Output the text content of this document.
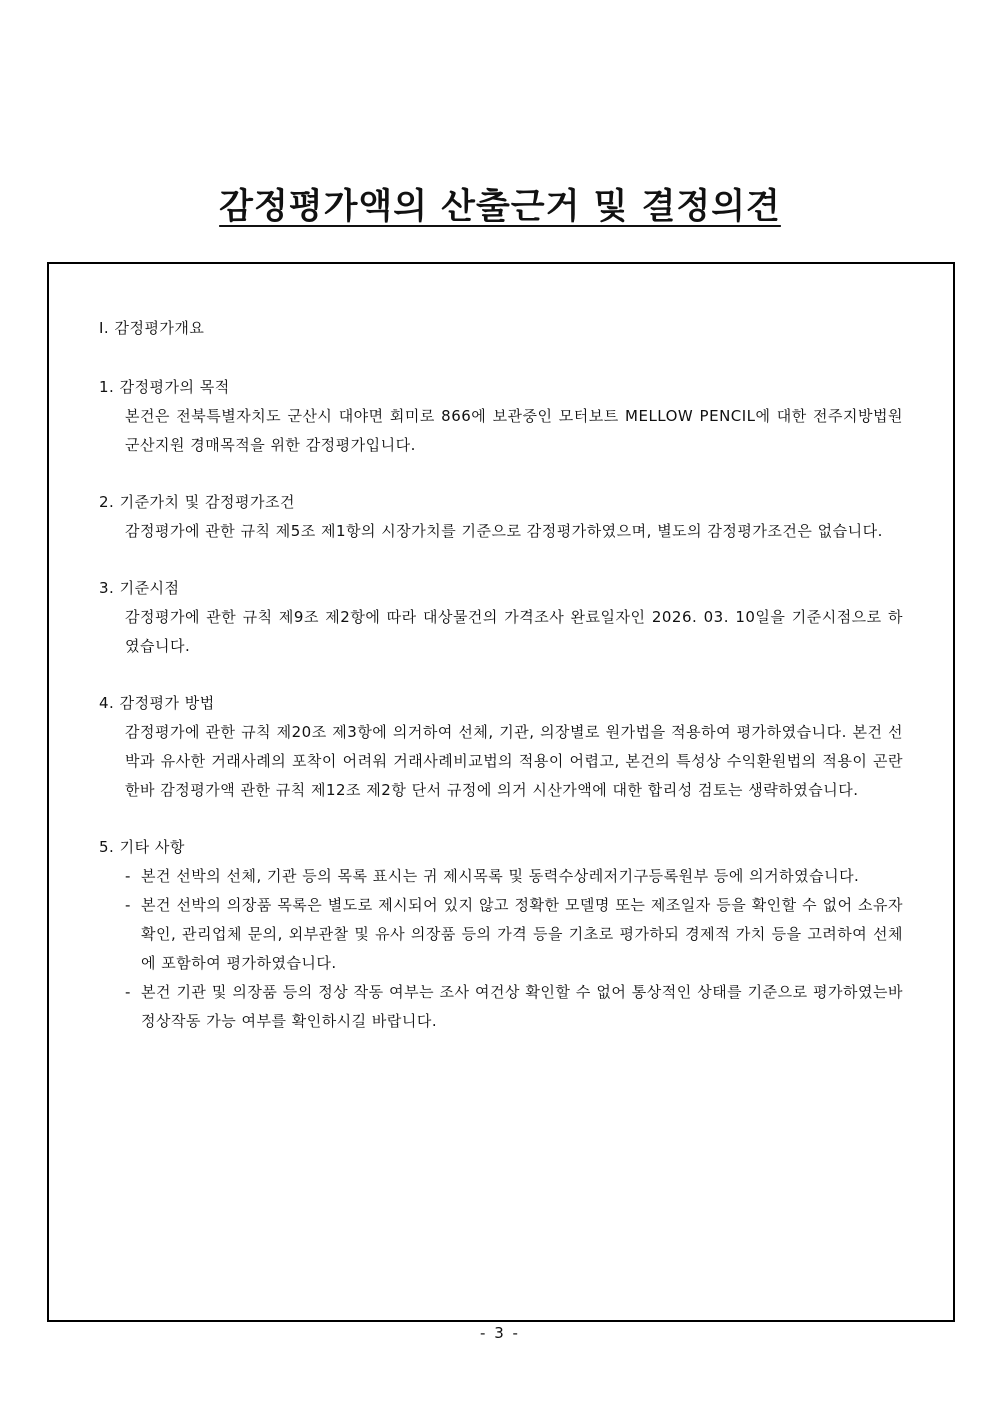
감정평가액의 산출근거 및 결정의견
Ⅰ. 감정평가개요
1. 감정평가의 목적
본건은 전북특별자치도 군산시 대야면 회미로 866에 보관중인 모터보트 MELLOW PENCIL에 대한 전주지방법원 군산지원 경매목적을 위한 감정평가입니다.
2. 기준가치 및 감정평가조건
감정평가에 관한 규칙 제5조 제1항의 시장가치를 기준으로 감정평가하였으며, 별도의 감정평가조건은 없습니다.
3. 기준시점
감정평가에 관한 규칙 제9조 제2항에 따라 대상물건의 가격조사 완료일자인 2026. 03. 10일을 기준시점으로 하였습니다.
4. 감정평가 방법
감정평가에 관한 규칙 제20조 제3항에 의거하여 선체, 기관, 의장별로 원가법을 적용하여 평가하였습니다. 본건 선박과 유사한 거래사례의 포착이 어려워 거래사례비교법의 적용이 어렵고, 본건의 특성상 수익환원법의 적용이 곤란한바 감정평가액 관한 규칙 제12조 제2항 단서 규정에 의거 시산가액에 대한 합리성 검토는 생략하였습니다.
5. 기타 사항
- 본건 선박의 선체, 기관 등의 목록 표시는 귀 제시목록 및 동력수상레저기구등록원부 등에 의거하였습니다.
- 본건 선박의 의장품 목록은 별도로 제시되어 있지 않고 정확한 모델명 또는 제조일자 등을 확인할 수 없어 소유자 확인, 관리업체 문의, 외부관찰 및 유사 의장품 등의 가격 등을 기초로 평가하되 경제적 가치 등을 고려하여 선체에 포함하여 평가하였습니다.
- 본건 기관 및 의장품 등의 정상 작동 여부는 조사 여건상 확인할 수 없어 통상적인 상태를 기준으로 평가하였는바 정상작동 가능 여부를 확인하시길 바랍니다.
- 3 -
